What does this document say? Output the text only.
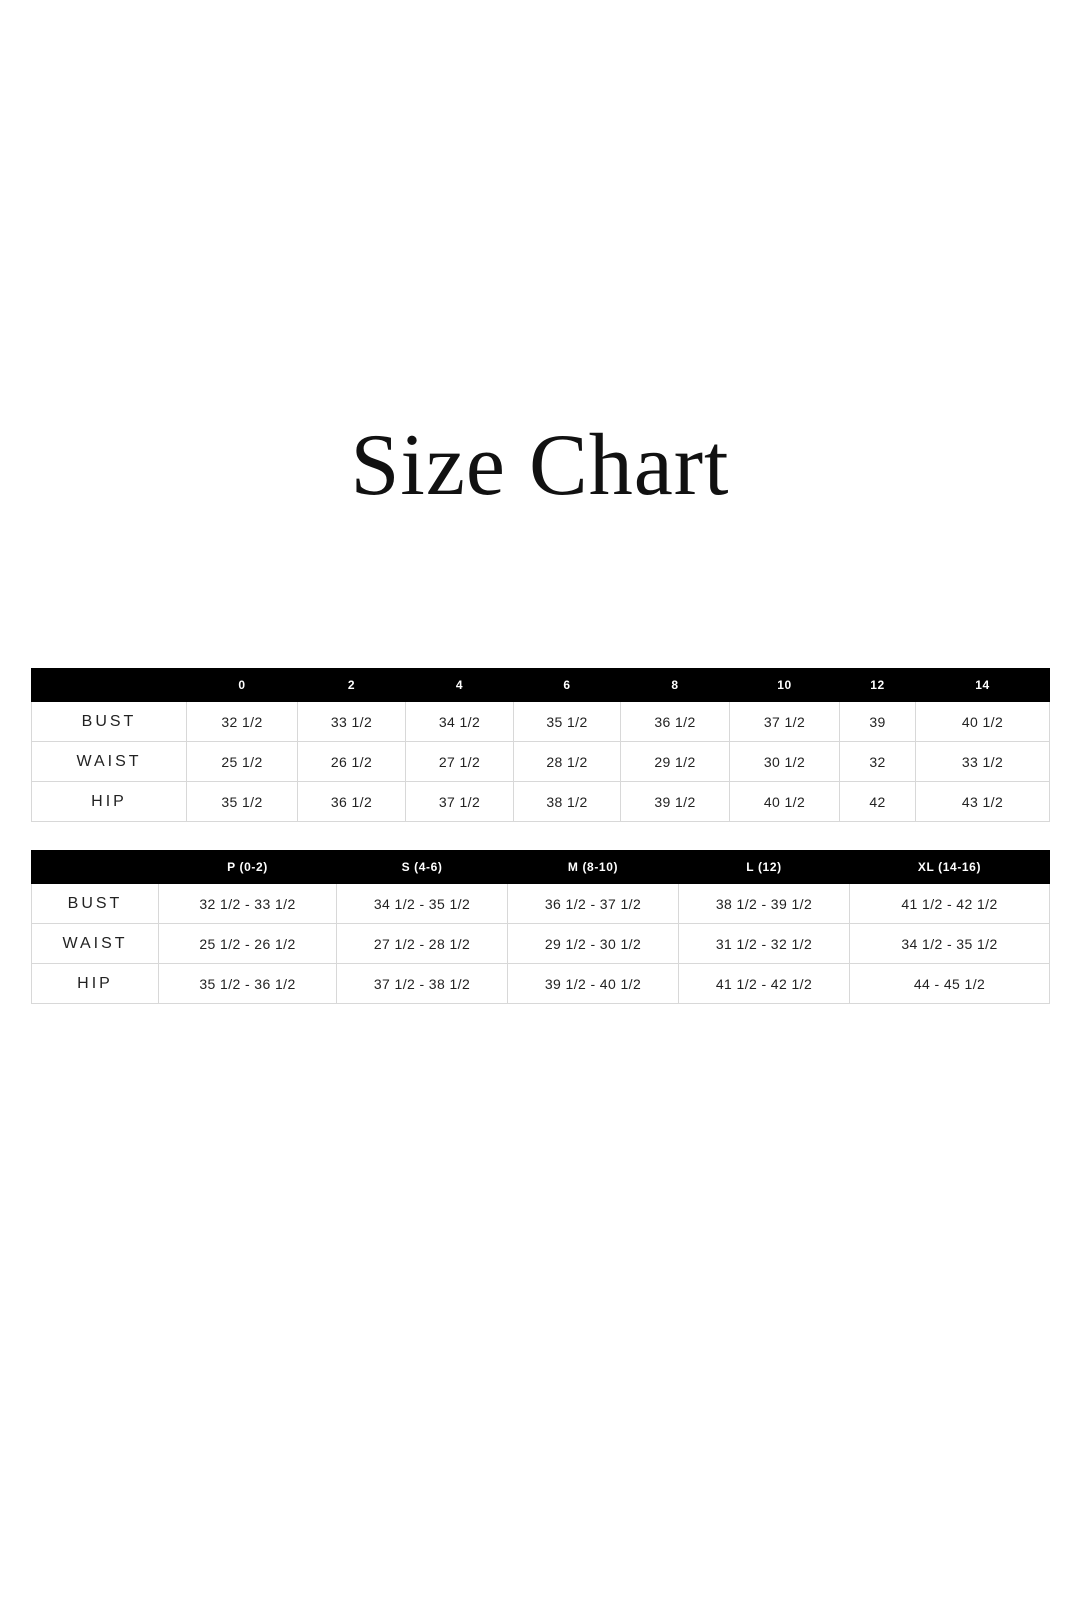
Size Chart
	0	2	4	6	8	10	12	14
BUST	32 1/2	33 1/2	34 1/2	35 1/2	36 1/2	37 1/2	39	40 1/2
WAIST	25 1/2	26 1/2	27 1/2	28 1/2	29 1/2	30 1/2	32	33 1/2
HIP	35 1/2	36 1/2	37 1/2	38 1/2	39 1/2	40 1/2	42	43 1/2
	P (0-2)	S (4-6)	M (8-10)	L (12)	XL (14-16)
BUST	32 1/2 - 33 1/2	34 1/2 - 35 1/2	36 1/2 - 37 1/2	38 1/2 - 39 1/2	41 1/2 - 42 1/2
WAIST	25 1/2 - 26 1/2	27 1/2 - 28 1/2	29 1/2 - 30 1/2	31 1/2 - 32 1/2	34 1/2 - 35 1/2
HIP	35 1/2 - 36 1/2	37 1/2 - 38 1/2	39 1/2 - 40 1/2	41 1/2 - 42 1/2	44 - 45 1/2
